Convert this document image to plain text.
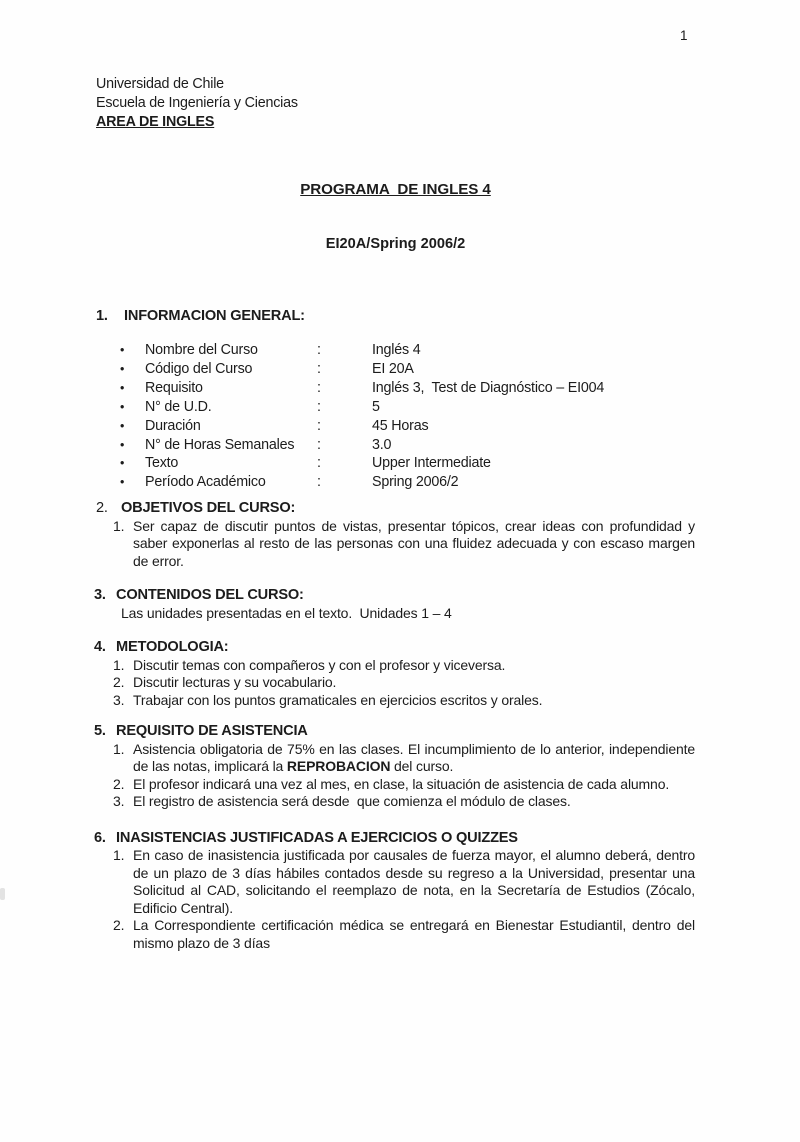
1
Universidad de Chile
Escuela de Ingeniería y Ciencias
AREA DE INGLES

PROGRAMA  DE INGLES 4

EI20A/Spring 2006/2

1.	INFORMACION GENERAL:
•	Nombre del Curso	:	Inglés 4
•	Código del Curso	:	EI 20A
•	Requisito	:	Inglés 3,  Test de Diagnóstico – EI004
•	N° de U.D.	:	5
•	Duración	:	45 Horas
•	N° de Horas Semanales	:	3.0
•	Texto	:	Upper Intermediate
•	Período Académico	:	Spring 2006/2
2. OBJETIVOS DEL CURSO:
1. Ser capaz de discutir puntos de vistas, presentar tópicos, crear ideas con profundidad y saber exponerlas al resto de las personas con una fluidez adecuada y con escaso margen de error.
3. CONTENIDOS DEL CURSO:
Las unidades presentadas en el texto.  Unidades 1 – 4
4. METODOLOGIA:
1. Discutir temas con compañeros y con el profesor y viceversa.
2. Discutir lecturas y su vocabulario.
3. Trabajar con los puntos gramaticales en ejercicios escritos y orales.
5. REQUISITO DE ASISTENCIA
1. Asistencia obligatoria de 75% en las clases. El incumplimiento de lo anterior, independiente de las notas, implicará la REPROBACION del curso.
2. El profesor indicará una vez al mes, en clase, la situación de asistencia de cada alumno.
3. El registro de asistencia será desde  que comienza el módulo de clases.
6. INASISTENCIAS JUSTIFICADAS A EJERCICIOS O QUIZZES
1. En caso de inasistencia justificada por causales de fuerza mayor, el alumno deberá, dentro de un plazo de 3 días hábiles contados desde su regreso a la Universidad, presentar una Solicitud al CAD, solicitando el reemplazo de nota, en la Secretaría de Estudios (Zócalo, Edificio Central).
2. La Correspondiente certificación médica se entregará en Bienestar Estudiantil, dentro del mismo plazo de 3 días
